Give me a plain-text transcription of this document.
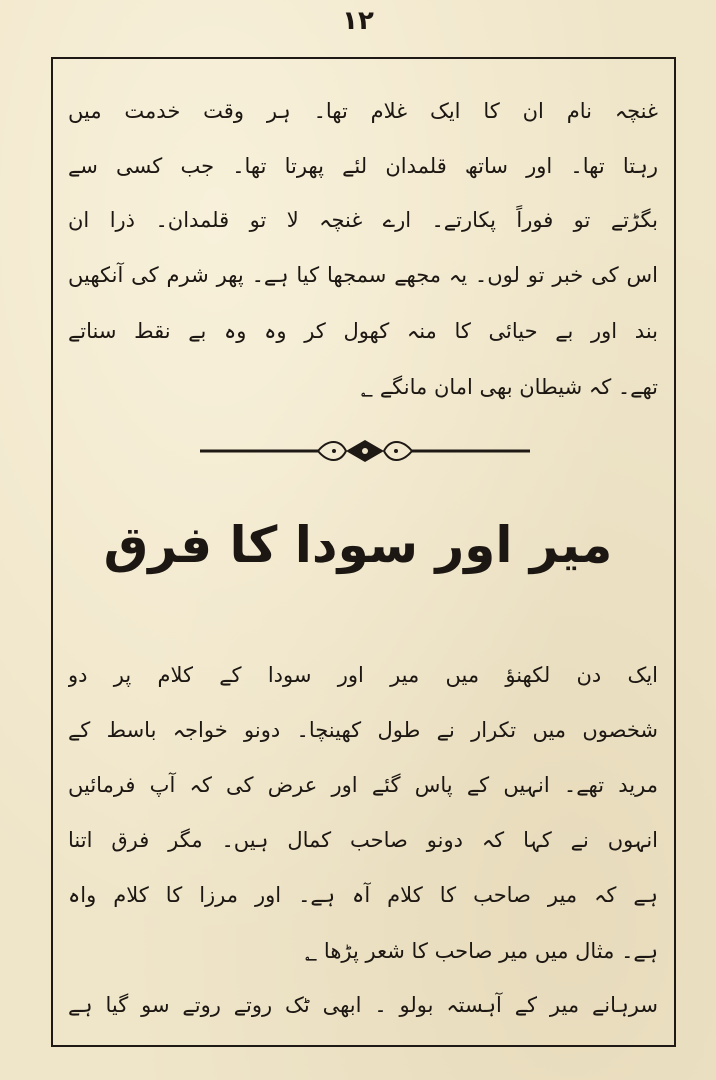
۱۲
غنچہ نام ان کا ایک غلام تھا۔ ہر وقت خدمت میں
رہتا تھا۔ اور ساتھ قلمدان لئے پھرتا تھا۔ جب کسی سے
بگڑتے تو فوراً پکارتے۔ ارے غنچہ لا تو قلمدان۔ ذرا ان
اس کی خبر تو لوں۔ یہ مجھے سمجھا کیا ہے۔ پھر شرم کی آنکھیں
بند اور بے حیائی کا منہ کھول کر وہ وہ بے نقط سناتے
تھے۔ کہ شیطان بھی امان مانگے ؂
میر اور سودا کا فرق
ایک دن لکھنؤ میں میر اور سودا کے کلام پر دو
شخصوں میں تکرار نے طول کھینچا۔ دونو خواجہ باسط کے
مرید تھے۔ انہیں کے پاس گئے اور عرض کی کہ آپ فرمائیں
انہوں نے کہا کہ دونو صاحب کمال ہیں۔ مگر فرق اتنا
ہے کہ میر صاحب کا کلام آہ ہے۔ اور مرزا کا کلام واہ
ہے۔ مثال میں میر صاحب کا شعر پڑھا ؂
سرہانے میر کے آہستہ بولو ۔ ابھی ٹک روتے روتے سو گیا ہے
